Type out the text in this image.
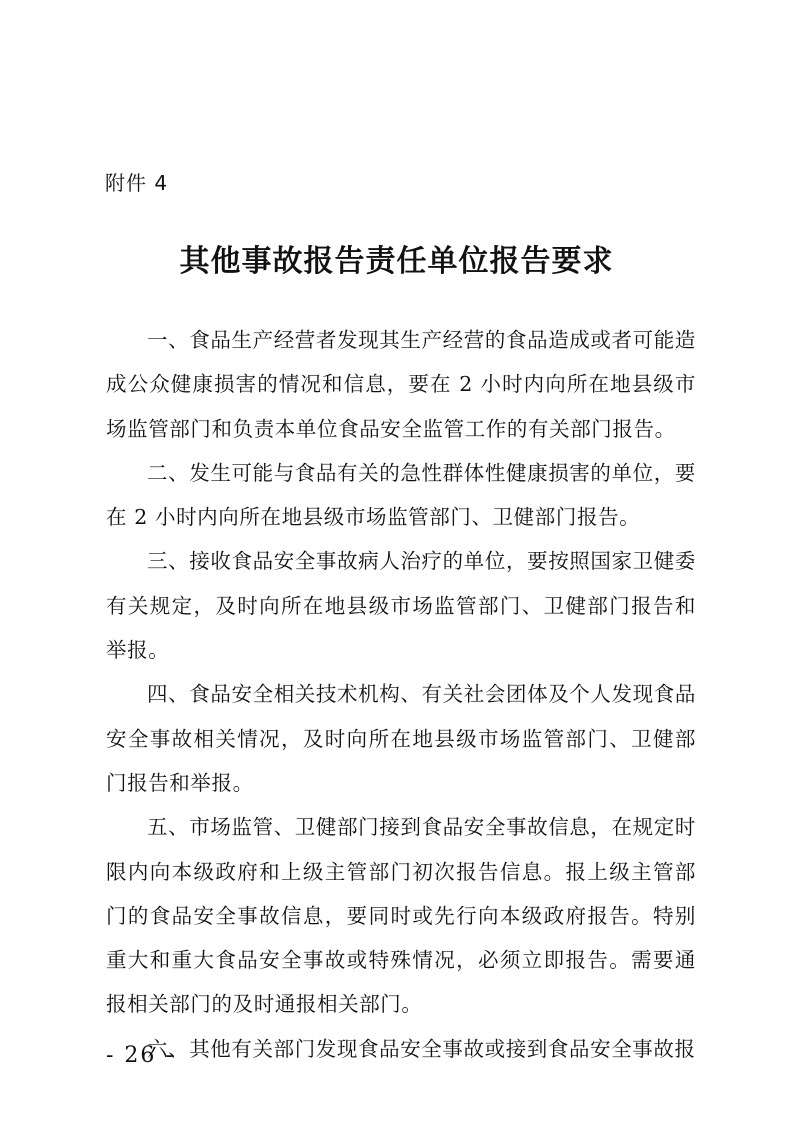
附件 4
其他事故报告责任单位报告要求

一、食品生产经营者发现其生产经营的食品造成或者可能造成公众健康损害的情况和信息，要在 2 小时内向所在地县级市场监管部门和负责本单位食品安全监管工作的有关部门报告。

二、发生可能与食品有关的急性群体性健康损害的单位，要在 2 小时内向所在地县级市场监管部门、卫健部门报告。

三、接收食品安全事故病人治疗的单位，要按照国家卫健委有关规定，及时向所在地县级市场监管部门、卫健部门报告和举报。

四、食品安全相关技术机构、有关社会团体及个人发现食品安全事故相关情况，及时向所在地县级市场监管部门、卫健部门报告和举报。

五、市场监管、卫健部门接到食品安全事故信息，在规定时限内向本级政府和上级主管部门初次报告信息。报上级主管部门的食品安全事故信息，要同时或先行向本级政府报告。特别重大和重大食品安全事故或特殊情况，必须立即报告。需要通报相关部门的及时通报相关部门。

六、其他有关部门发现食品安全事故或接到食品安全事故报

- 26 -
